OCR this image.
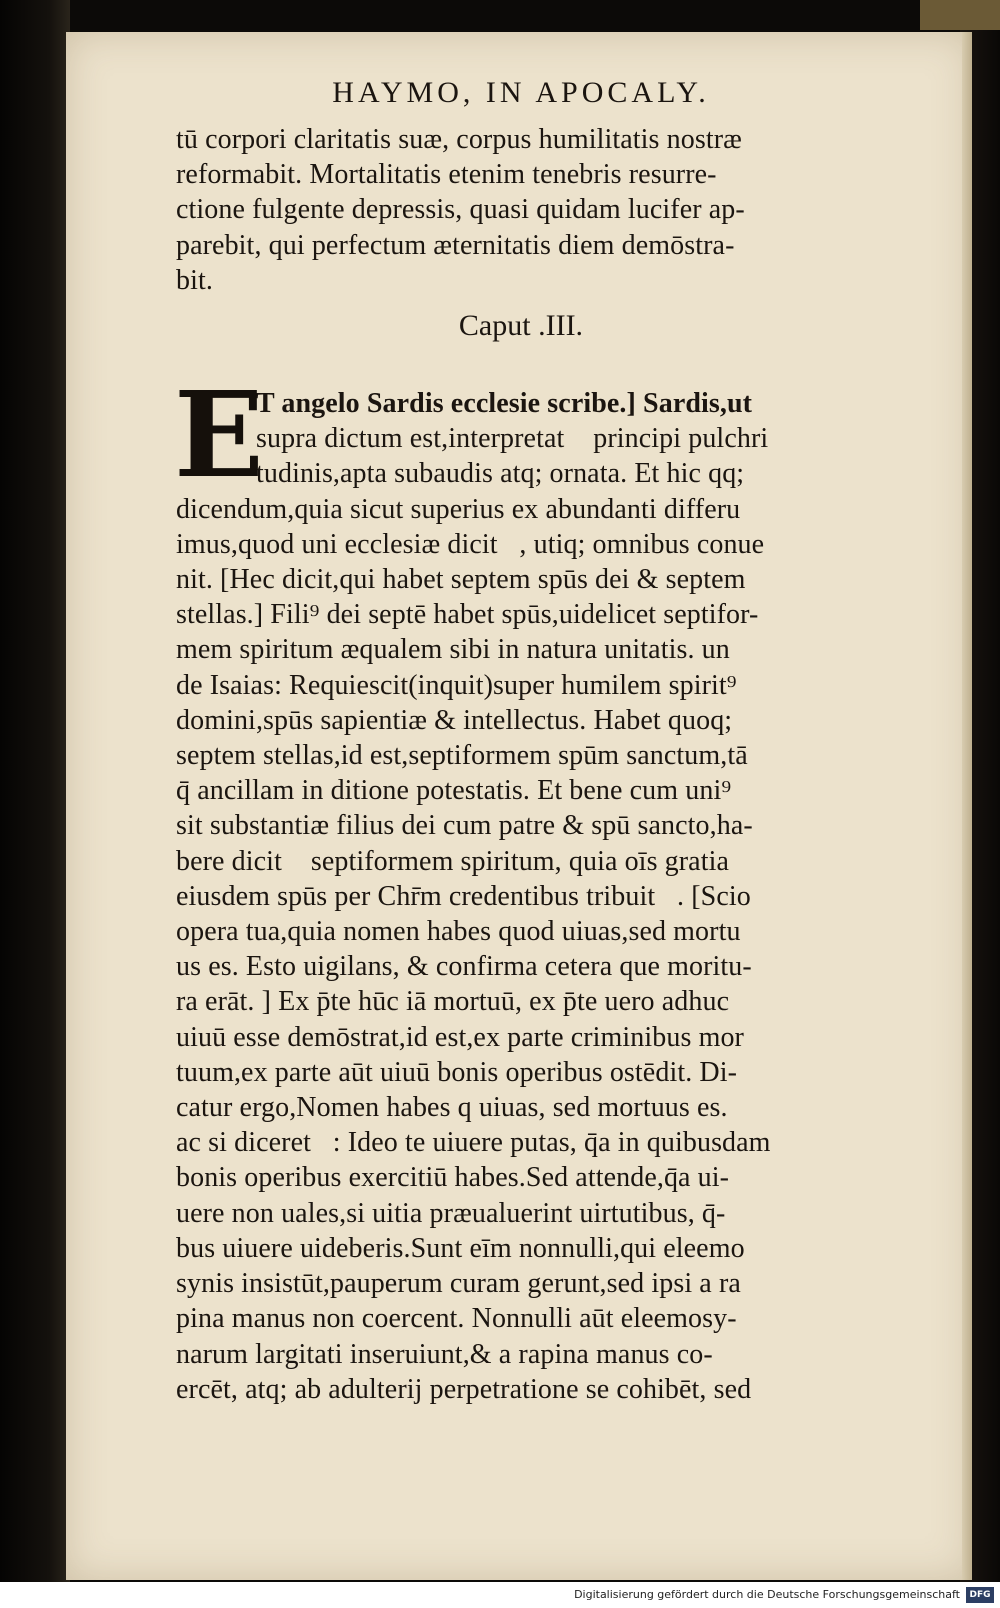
HAYMO, IN APOCALY.
tū corpori claritatis suæ, corpus humilitatis nostræ
reformabit. Mortalitatis etenim tenebris resurre-
ctione fulgente depressis, quasi quidam lucifer ap-
parebit, qui perfectum æternitatis diem demōstra-
bit.
Caput .III.
E
T angelo Sardis ecclesie scribe.] Sardis,ut
supra dictum est,interpretatᷣ principi pulchri
tudinis,apta subaudis atq; ornata. Et hic qq;
dicendum,quia sicut superius ex abundanti differu
imus,quod uni ecclesiæ dicitᷣ, utiq; omnibus conue
nit. [Hec dicit,qui habet septem spūs dei & septem
stellas.] Fili⁹ dei septē habet spūs,uidelicet septifor-
mem spiritum æqualem sibi in natura unitatis. un
de Isaias: Requiescit(inquit)super humilem spirit⁹
domini,spūs sapientiæ & intellectus. Habet quoq;
septem stellas,id est,septiformem spūm sanctum,tā
q̄ ancillam in ditione potestatis. Et bene cum uni⁹
sit substantiæ filius dei cum patre & spū sancto,ha-
bere dicitᷣ septiformem spiritum, quia oīs gratia
eiusdem spūs per Chr̄m credentibus tribuitᷣ. [Scio
opera tua,quia nomen habes quod uiuas,sed mortu
us es. Esto uigilans, & confirma cetera que moritu-
ra erāt. ] Ex p̄te hūc iā mortuū, ex p̄te uero adhuc
uiuū esse demōstrat,id est,ex parte criminibus mor
tuum,ex parte aūt uiuū bonis operibus ostēdit. Di-
catur ergo,Nomen habes q uiuas, sed mortuus es.
ac si diceretᷣ: Ideo te uiuere putas, q̄a in quibusdam
bonis operibus exercitiū habes.Sed attende,q̄a ui-
uere non uales,si uitia præualuerint uirtutibus, q̄-
bus uiuere uideberis.Sunt eīm nonnulli,qui eleemo
synis insistūt,pauperum curam gerunt,sed ipsi a ra
pina manus non coercent. Nonnulli aūt eleemosy-
narum largitati inseruiunt,& a rapina manus co-
ercēt, atq; ab adulterij perpetratione se cohibēt, sed
Digitalisierung gefördert durch die Deutsche Forschungsgemeinschaft	DFG
